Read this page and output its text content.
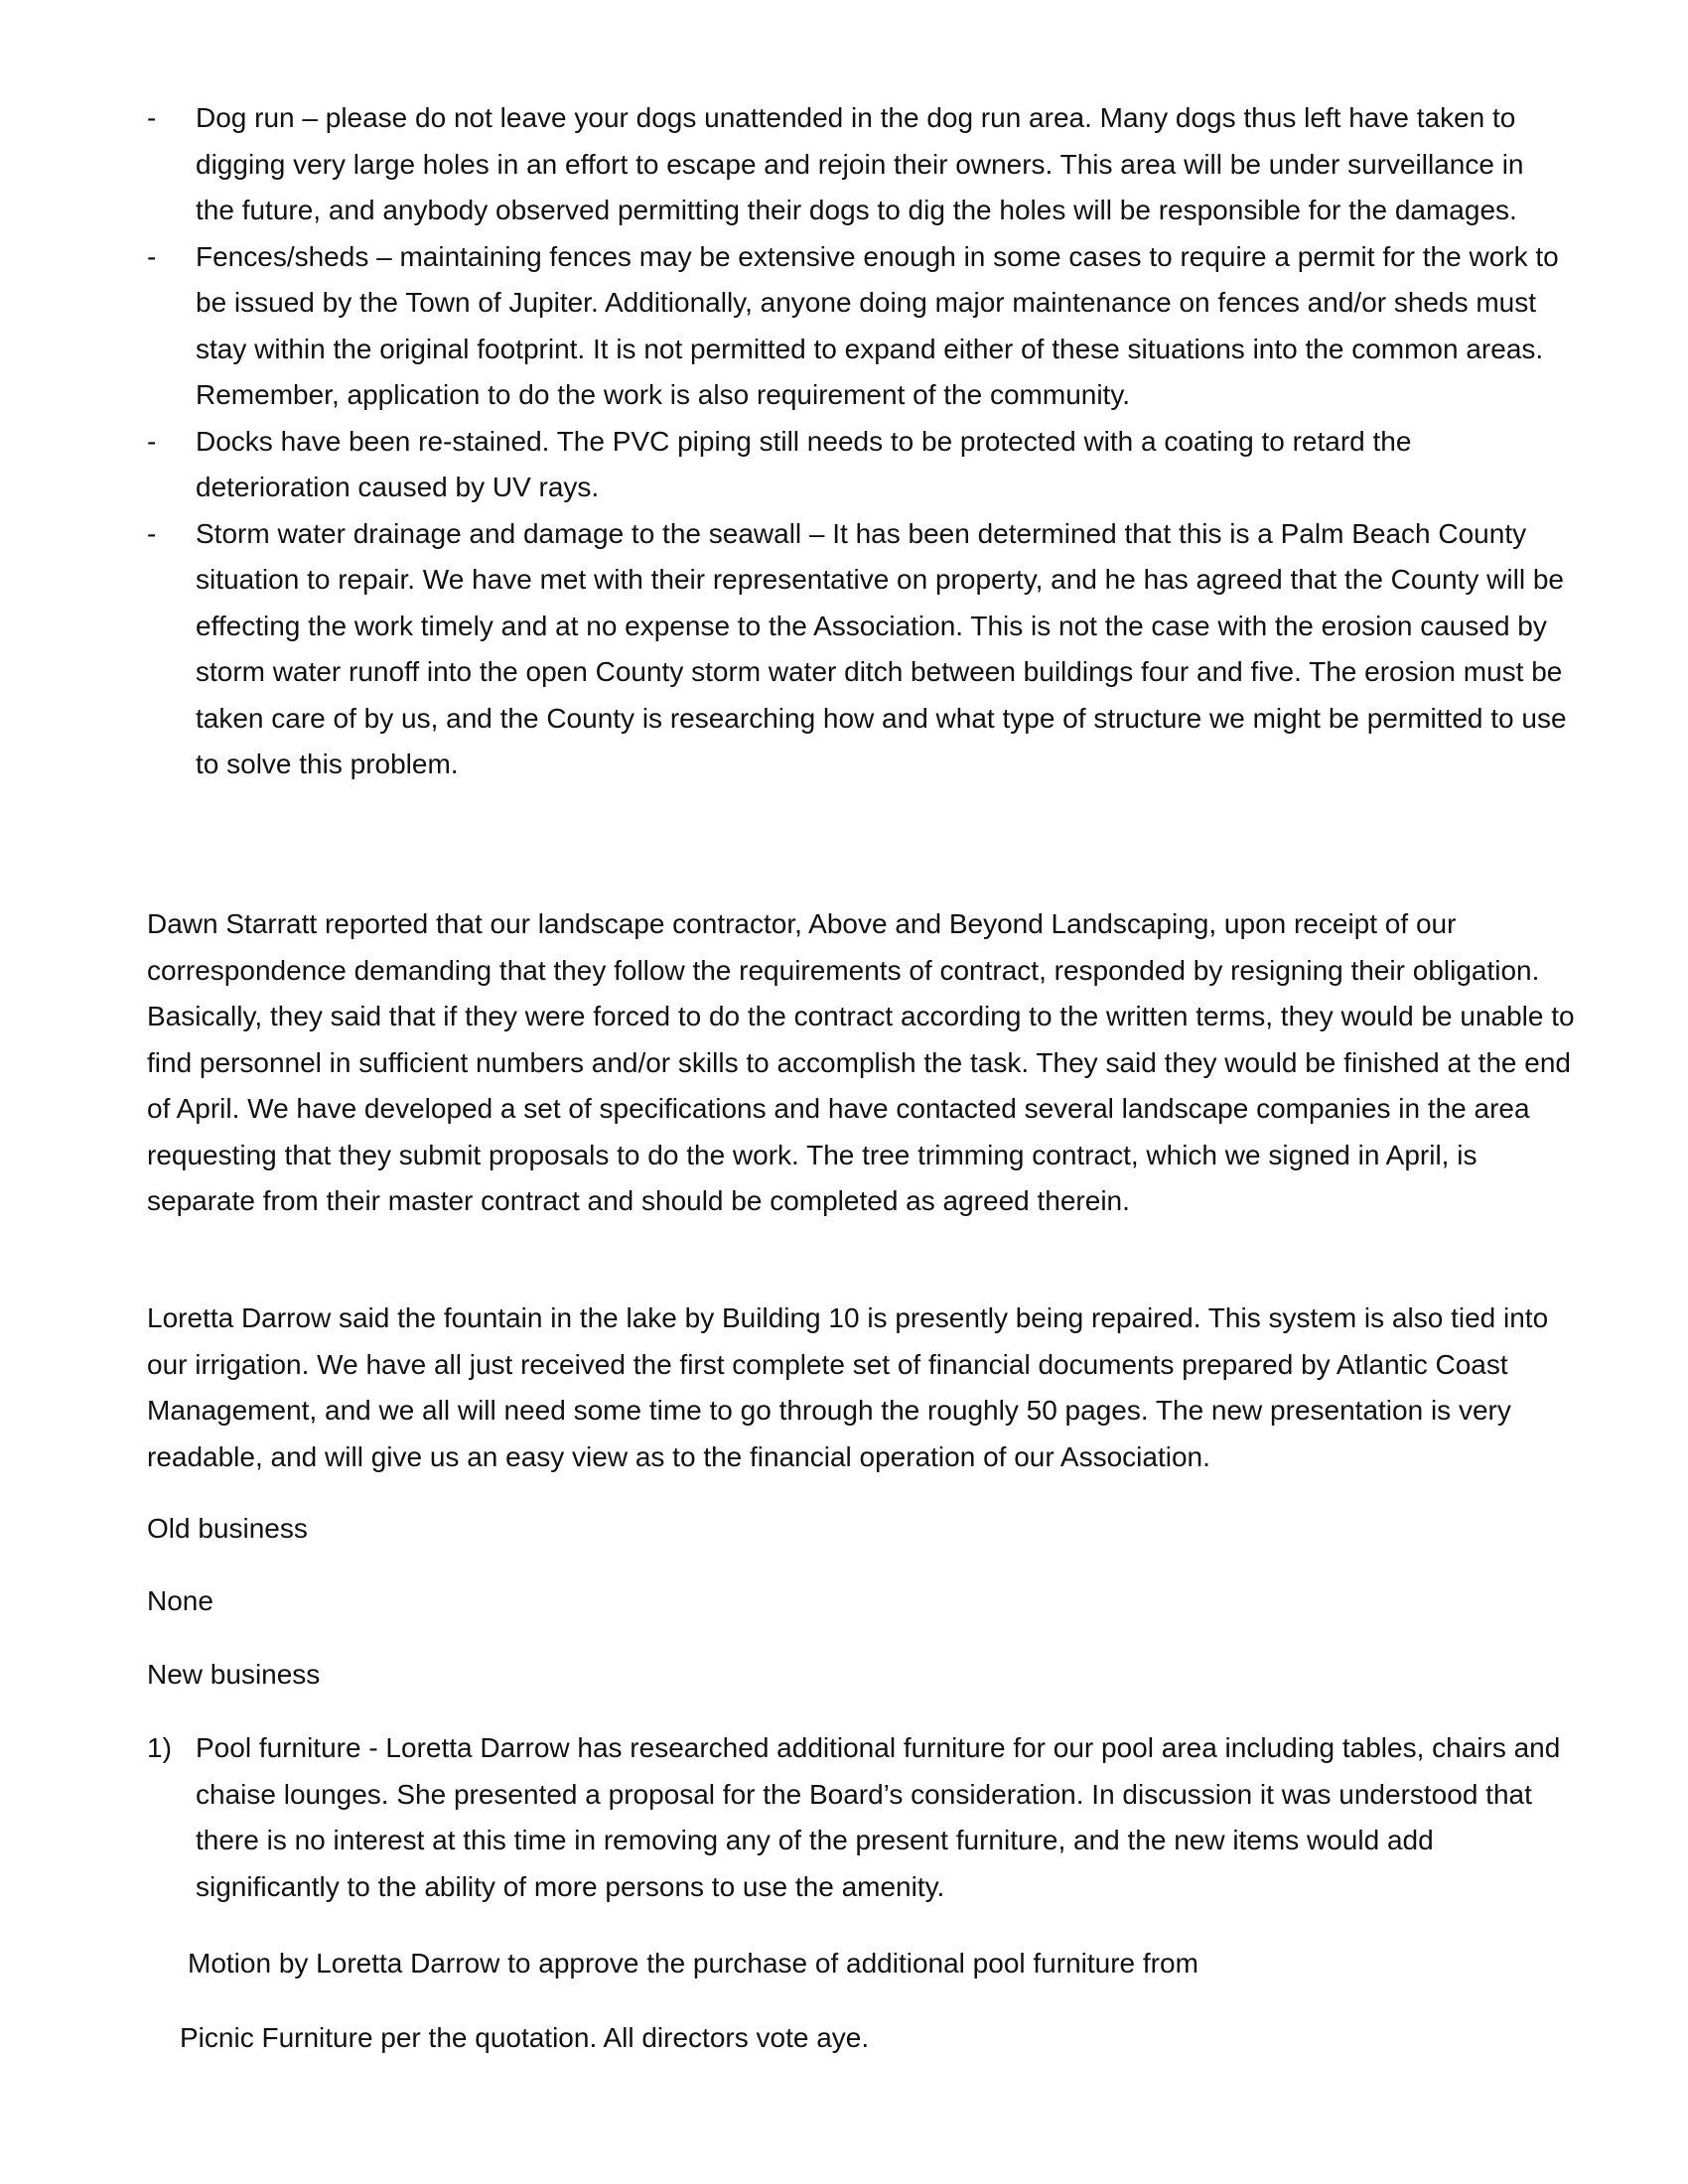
- Dog run – please do not leave your dogs unattended in the dog run area. Many dogs thus left have taken to digging very large holes in an effort to escape and rejoin their owners. This area will be under surveillance in the future, and anybody observed permitting their dogs to dig the holes will be responsible for the damages.
- Fences/sheds – maintaining fences may be extensive enough in some cases to require a permit for the work to be issued by the Town of Jupiter. Additionally, anyone doing major maintenance on fences and/or sheds must stay within the original footprint. It is not permitted to expand either of these situations into the common areas. Remember, application to do the work is also requirement of the community.
- Docks have been re-stained. The PVC piping still needs to be protected with a coating to retard the deterioration caused by UV rays.
- Storm water drainage and damage to the seawall – It has been determined that this is a Palm Beach County situation to repair. We have met with their representative on property, and he has agreed that the County will be effecting the work timely and at no expense to the Association. This is not the case with the erosion caused by storm water runoff into the open County storm water ditch between buildings four and five. The erosion must be taken care of by us, and the County is researching how and what type of structure we might be permitted to use to solve this problem.

Dawn Starratt reported that our landscape contractor, Above and Beyond Landscaping, upon receipt of our correspondence demanding that they follow the requirements of contract, responded by resigning their obligation. Basically, they said that if they were forced to do the contract according to the written terms, they would be unable to find personnel in sufficient numbers and/or skills to accomplish the task. They said they would be finished at the end of April. We have developed a set of specifications and have contacted several landscape companies in the area requesting that they submit proposals to do the work. The tree trimming contract, which we signed in April, is separate from their master contract and should be completed as agreed therein.

Loretta Darrow said the fountain in the lake by Building 10 is presently being repaired. This system is also tied into our irrigation. We have all just received the first complete set of financial documents prepared by Atlantic Coast Management, and we all will need some time to go through the roughly 50 pages. The new presentation is very readable, and will give us an easy view as to the financial operation of our Association.

Old business

None

New business

1) Pool furniture - Loretta Darrow has researched additional furniture for our pool area including tables, chairs and chaise lounges. She presented a proposal for the Board’s consideration. In discussion it was understood that there is no interest at this time in removing any of the present furniture, and the new items would add significantly to the ability of more persons to use the amenity.

Motion by Loretta Darrow to approve the purchase of additional pool furniture from

Picnic Furniture per the quotation. All directors vote aye.
